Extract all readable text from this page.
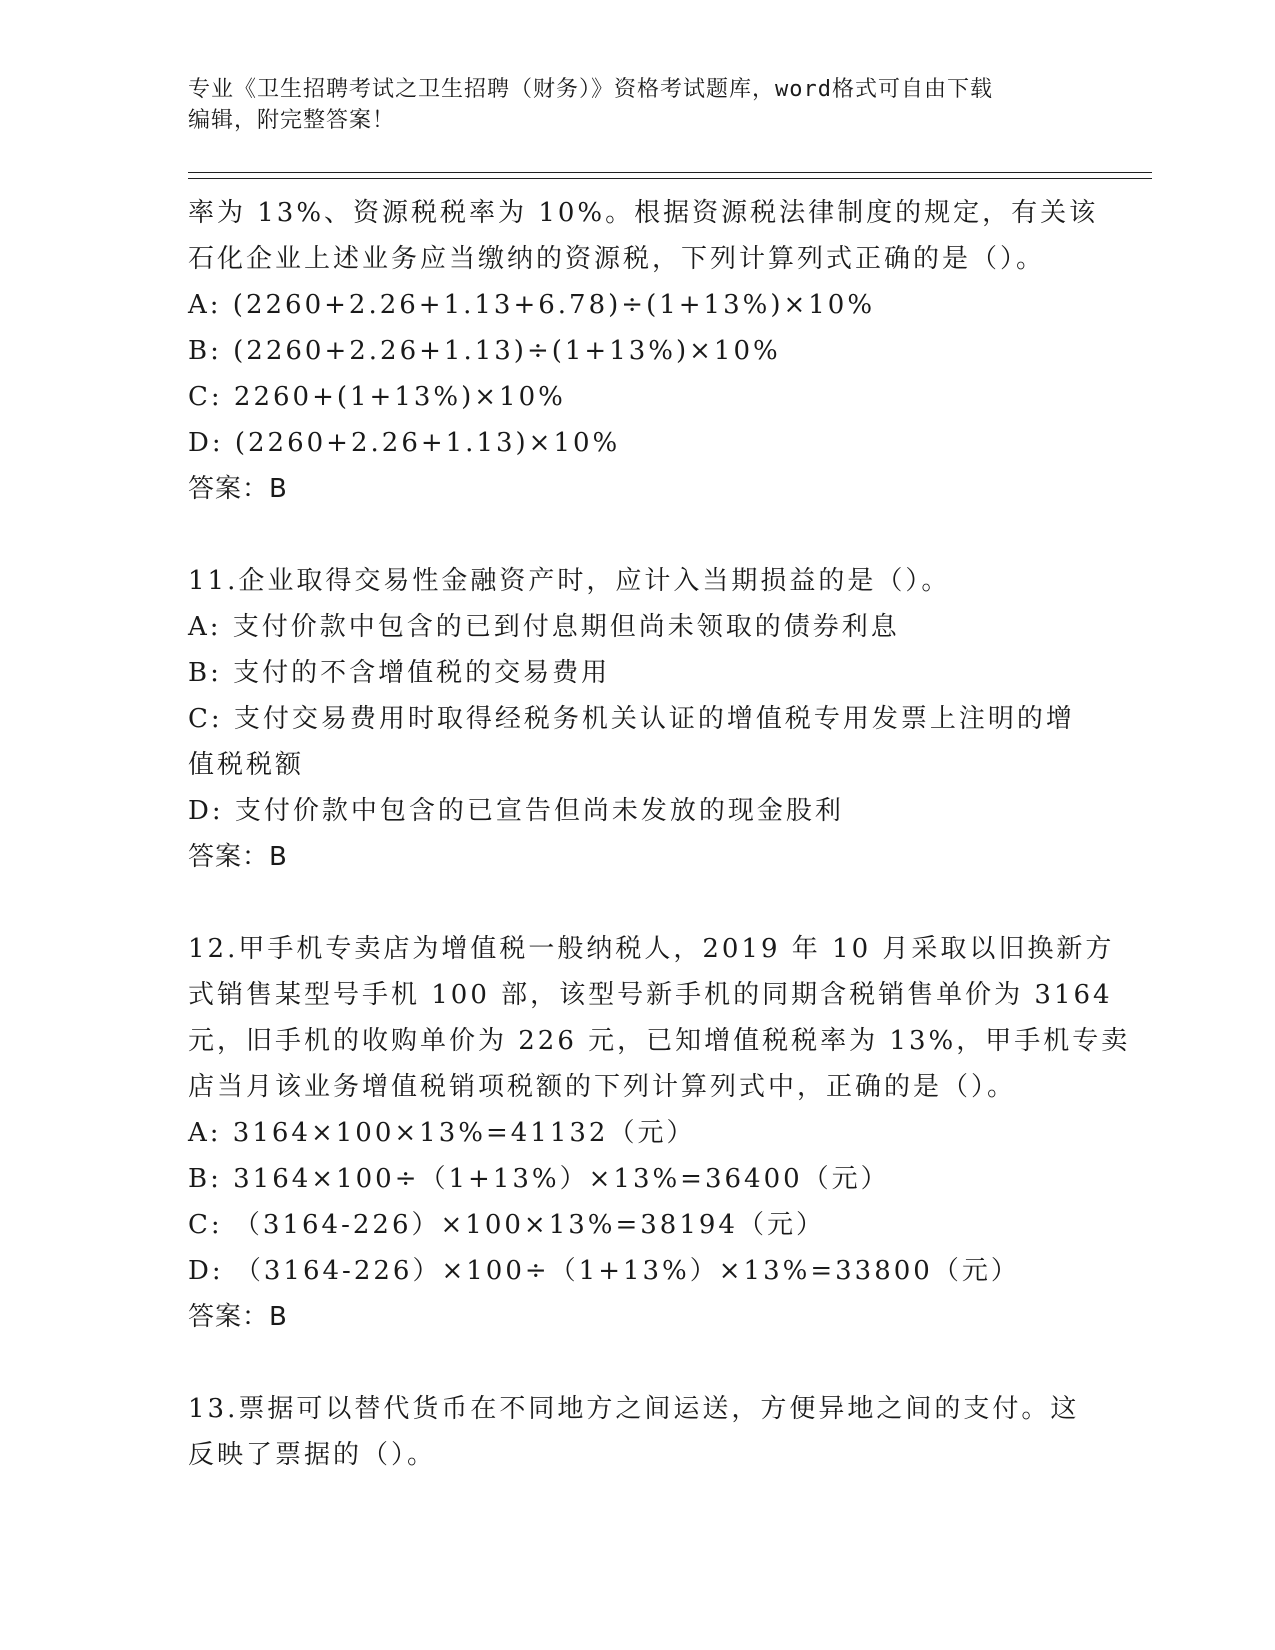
专业《卫生招聘考试之卫生招聘（财务）》资格考试题库，word格式可自由下载
编辑，附完整答案！
率为 13%、资源税税率为 10%。根据资源税法律制度的规定，有关该
石化企业上述业务应当缴纳的资源税，下列计算列式正确的是（）。
A: (2260+2.26+1.13+6.78)÷(1+13%)×10%
B: (2260+2.26+1.13)÷(1+13%)×10%
C: 2260+(1+13%)×10%
D: (2260+2.26+1.13)×10%
答案：B
11.企业取得交易性金融资产时，应计入当期损益的是（）。
A: 支付价款中包含的已到付息期但尚未领取的债券利息
B: 支付的不含增值税的交易费用
C: 支付交易费用时取得经税务机关认证的增值税专用发票上注明的增
值税税额
D: 支付价款中包含的已宣告但尚未发放的现金股利
答案：B
12.甲手机专卖店为增值税一般纳税人，2019 年 10 月采取以旧换新方
式销售某型号手机 100 部，该型号新手机的同期含税销售单价为 3164
元，旧手机的收购单价为 226 元，已知增值税税率为 13%，甲手机专卖
店当月该业务增值税销项税额的下列计算列式中，正确的是（）。
A: 3164×100×13%=41132（元）
B: 3164×100÷（1+13%）×13%=36400（元）
C: （3164-226）×100×13%=38194（元）
D: （3164-226）×100÷（1+13%）×13%=33800（元）
答案：B
13.票据可以替代货币在不同地方之间运送，方便异地之间的支付。这
反映了票据的（）。
